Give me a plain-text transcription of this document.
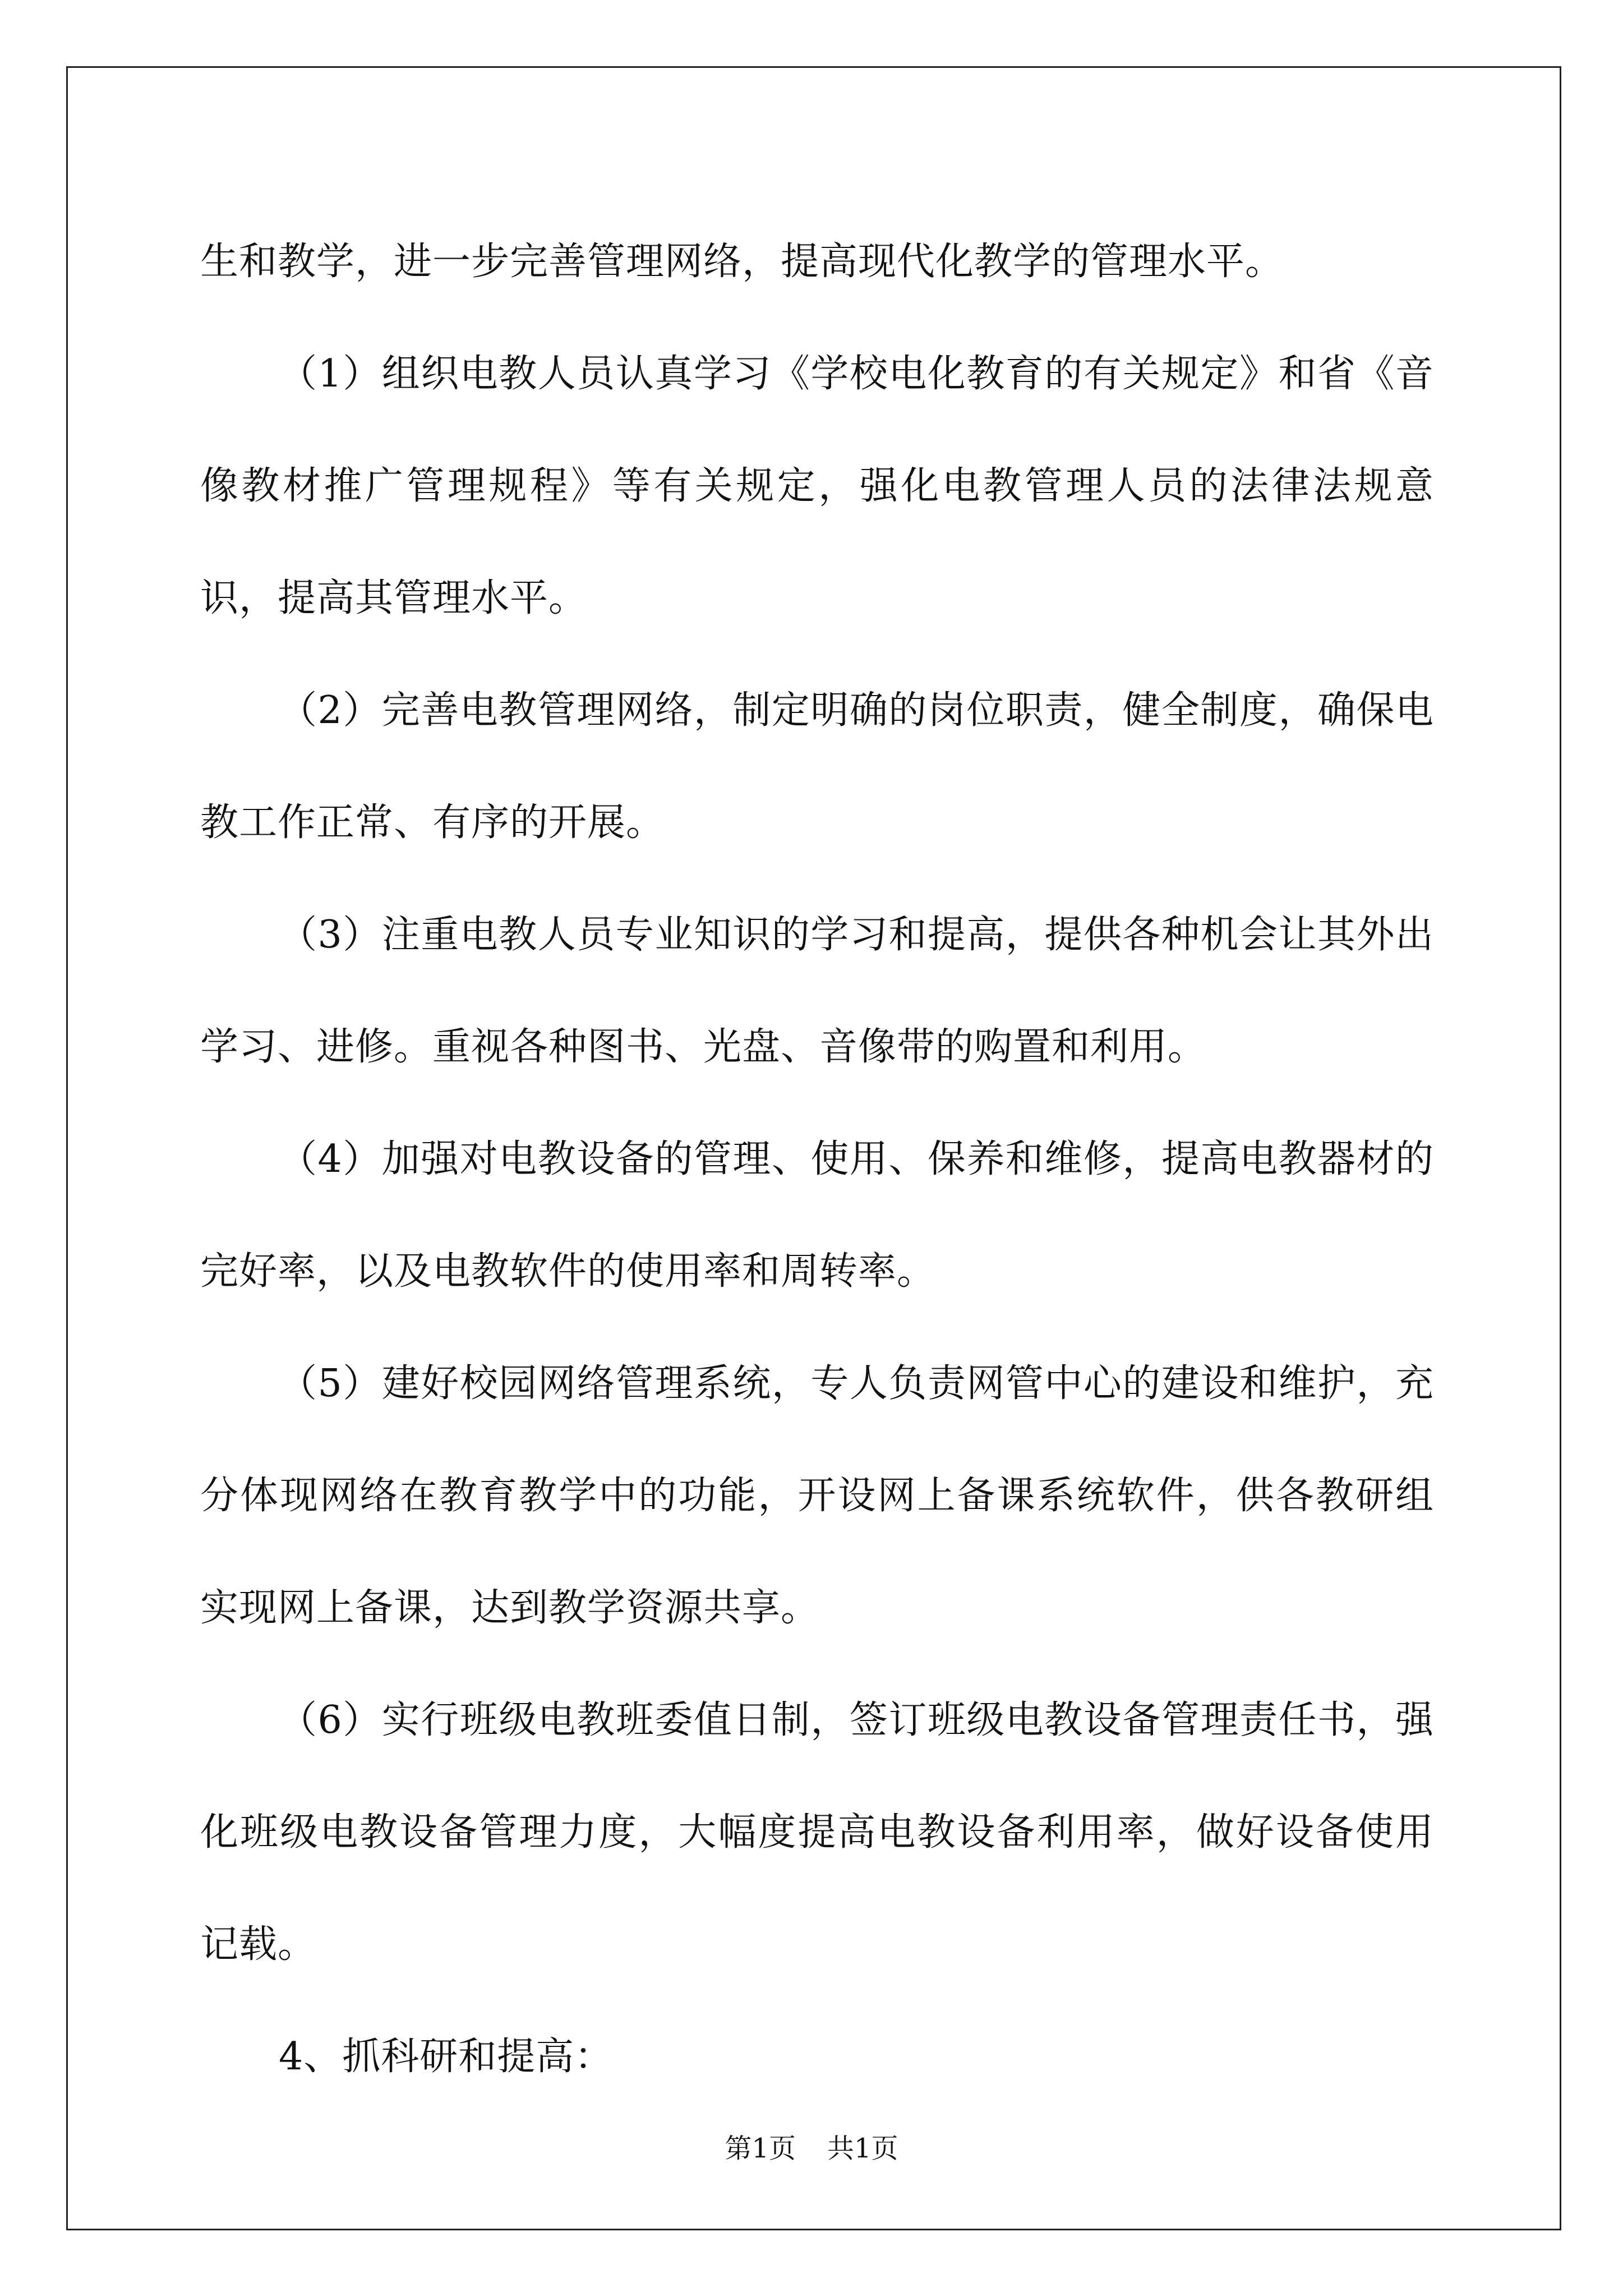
生和教学，进一步完善管理网络，提高现代化教学的管理水平。

（1）组织电教人员认真学习《学校电化教育的有关规定》和省《音像教材推广管理规程》等有关规定，强化电教管理人员的法律法规意识，提高其管理水平。

（2）完善电教管理网络，制定明确的岗位职责，健全制度，确保电教工作正常、有序的开展。

（3）注重电教人员专业知识的学习和提高，提供各种机会让其外出学习、进修。重视各种图书、光盘、音像带的购置和利用。

（4）加强对电教设备的管理、使用、保养和维修，提高电教器材的完好率，以及电教软件的使用率和周转率。

（5）建好校园网络管理系统，专人负责网管中心的建设和维护，充分体现网络在教育教学中的功能，开设网上备课系统软件，供各教研组实现网上备课，达到教学资源共享。

（6）实行班级电教班委值日制，签订班级电教设备管理责任书，强化班级电教设备管理力度，大幅度提高电教设备利用率，做好设备使用记载。

4、抓科研和提高：

第1页 共1页
